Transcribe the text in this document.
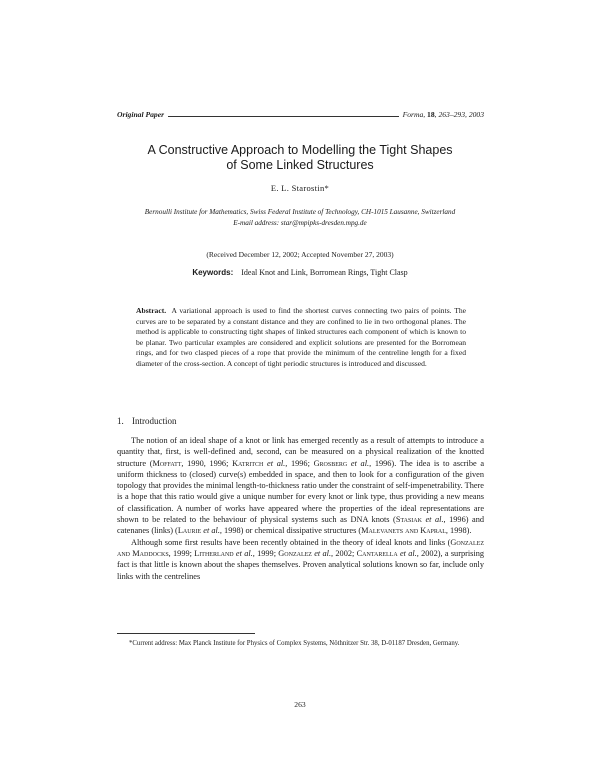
Original Paper	Forma, 18, 263–293, 2003
A Constructive Approach to Modelling the Tight Shapes
of Some Linked Structures
E. L. Starostin*
Bernoulli Institute for Mathematics, Swiss Federal Institute of Technology, CH-1015 Lausanne, Switzerland
E-mail address: star@mpipks-dresden.mpg.de
(Received December 12, 2002; Accepted November 27, 2003)
Keywords: Ideal Knot and Link, Borromean Rings, Tight Clasp
Abstract. A variational approach is used to find the shortest curves connecting two pairs of points. The curves are to be separated by a constant distance and they are confined to lie in two orthogonal planes. The method is applicable to constructing tight shapes of linked structures each component of which is known to be planar. Two particular examples are considered and explicit solutions are presented for the Borromean rings, and for two clasped pieces of a rope that provide the minimum of the centreline length for a fixed diameter of the cross-section. A concept of tight periodic structures is introduced and discussed.
1. Introduction

The notion of an ideal shape of a knot or link has emerged recently as a result of attempts to introduce a quantity that, first, is well-defined and, second, can be measured on a physical realization of the knotted structure (Moffatt, 1990, 1996; Katritch et al., 1996; Grosberg et al., 1996). The idea is to ascribe a uniform thickness to (closed) curve(s) embedded in space, and then to look for a configuration of the given topology that provides the minimal length-to-thickness ratio under the constraint of self-impenetrability. There is a hope that this ratio would give a unique number for every knot or link type, thus providing a new means of classification. A number of works have appeared where the properties of the ideal representations are shown to be related to the behaviour of physical systems such as DNA knots (Stasiak et al., 1996) and catenanes (links) (Laurie et al., 1998) or chemical dissipative structures (Malevanets and Kapral, 1998).

Although some first results have been recently obtained in the theory of ideal knots and links (Gonzalez and Maddocks, 1999; Litherland et al., 1999; Gonzalez et al., 2002; Cantarella et al., 2002), a surprising fact is that little is known about the shapes themselves. Proven analytical solutions known so far, include only links with the centrelines

*Current address: Max Planck Institute for Physics of Complex Systems, Nöthnitzer Str. 38, D-01187 Dresden, Germany.
263
